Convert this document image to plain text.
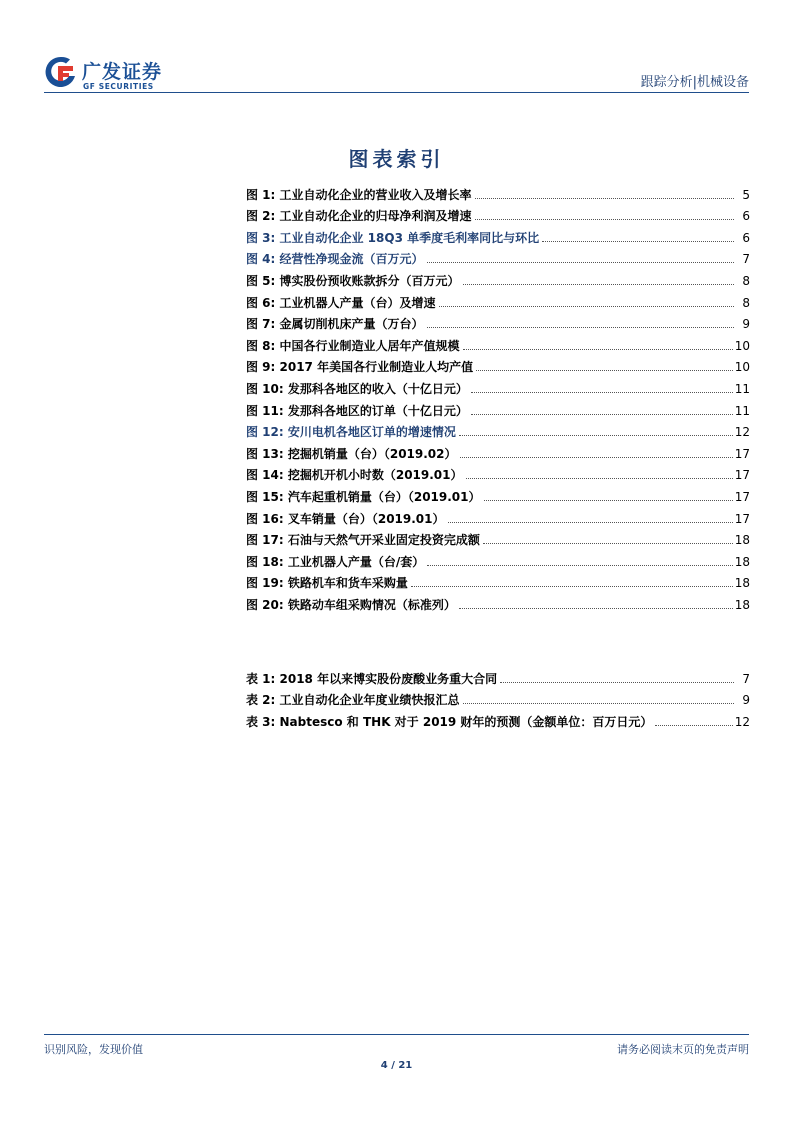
广发证券
GF SECURITIES	跟踪分析|机械设备
图表索引
图 1: 工业自动化企业的营业收入及增长率	5
图 2: 工业自动化企业的归母净利润及增速	6
图 3: 工业自动化企业 18Q3 单季度毛利率同比与环比	6
图 4: 经营性净现金流（百万元）	7
图 5: 博实股份预收账款拆分（百万元）	8
图 6: 工业机器人产量（台）及增速	8
图 7: 金属切削机床产量（万台）	9
图 8: 中国各行业制造业人居年产值规模	10
图 9: 2017 年美国各行业制造业人均产值	10
图 10: 发那科各地区的收入（十亿日元）	11
图 11: 发那科各地区的订单（十亿日元）	11
图 12: 安川电机各地区订单的增速情况	12
图 13: 挖掘机销量（台）（2019.02）	17
图 14: 挖掘机开机小时数（2019.01）	17
图 15: 汽车起重机销量（台）（2019.01）	17
图 16: 叉车销量（台）（2019.01）	17
图 17: 石油与天然气开采业固定投资完成额	18
图 18: 工业机器人产量（台/套）	18
图 19: 铁路机车和货车采购量	18
图 20: 铁路动车组采购情况（标准列）	18
表 1: 2018 年以来博实股份废酸业务重大合同	7
表 2: 工业自动化企业年度业绩快报汇总	9
表 3: Nabtesco 和 THK 对于 2019 财年的预测（金额单位：百万日元）	12
识别风险，发现价值	请务必阅读末页的免责声明
4 / 21
